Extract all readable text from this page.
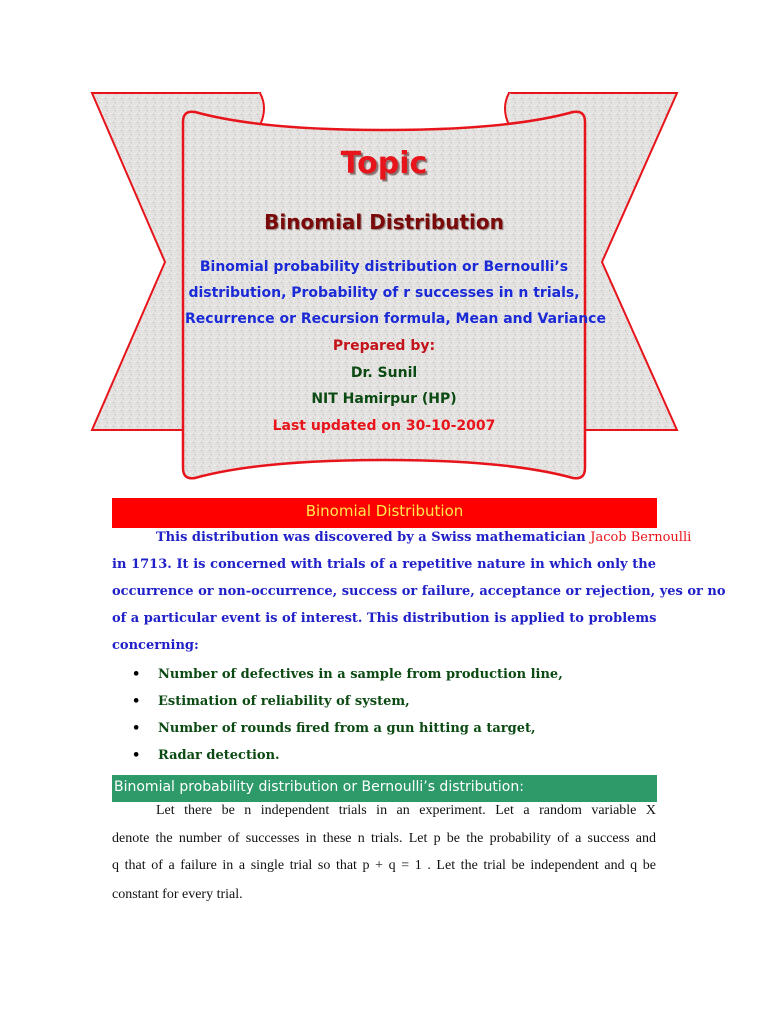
Topic
Binomial Distribution
Binomial probability distribution or Bernoulli’s
distribution, Probability of r successes in n trials,
Recurrence or Recursion formula, Mean and Variance
Prepared by:
Dr. Sunil
NIT Hamirpur (HP)
Last updated on 30-10-2007
Binomial Distribution
This distribution was discovered by a Swiss mathematician Jacob Bernoulli
in 1713. It is concerned with trials of a repetitive nature in which only the
occurrence or non-occurrence, success or failure, acceptance or rejection, yes or no
of a particular event is of interest. This distribution is applied to problems
concerning:
• Number of defectives in a sample from production line,
• Estimation of reliability of system,
• Number of rounds fired from a gun hitting a target,
• Radar detection.
Binomial probability distribution or Bernoulli’s distribution:
Let there be n independent trials in an experiment. Let a random variable X
denote the number of successes in these n trials. Let p be the probability of a success and
q that of a failure in a single trial so that p + q = 1 . Let the trial be independent and q be
constant for every trial.
